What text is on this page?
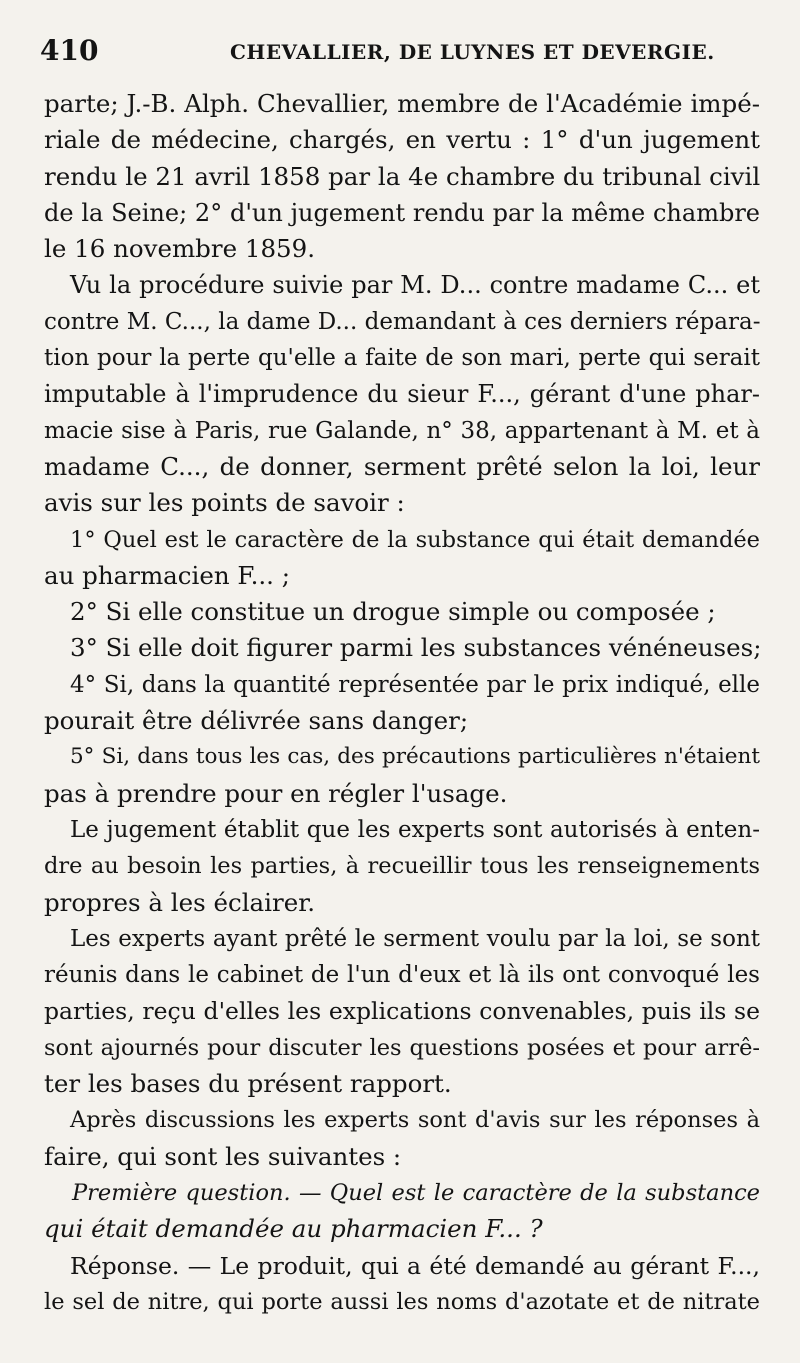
410	CHEVALLIER, DE LUYNES ET DEVERGIE.
parte; J.-B. Alph. Chevallier, membre de l'Académie impé-
riale de médecine, chargés, en vertu : 1° d'un jugement
rendu le 21 avril 1858 par la 4e chambre du tribunal civil
de la Seine; 2° d'un jugement rendu par la même chambre
le 16 novembre 1859.
Vu la procédure suivie par M. D... contre madame C... et
contre M. C..., la dame D... demandant à ces derniers répara-
tion pour la perte qu'elle a faite de son mari, perte qui serait
imputable à l'imprudence du sieur F..., gérant d'une phar-
macie sise à Paris, rue Galande, n° 38, appartenant à M. et à
madame C..., de donner, serment prêté selon la loi, leur
avis sur les points de savoir :
1° Quel est le caractère de la substance qui était demandée
au pharmacien F... ;
2° Si elle constitue un drogue simple ou composée ;
3° Si elle doit figurer parmi les substances vénéneuses;
4° Si, dans la quantité représentée par le prix indiqué, elle
pourait être délivrée sans danger;
5° Si, dans tous les cas, des précautions particulières n'étaient
pas à prendre pour en régler l'usage.
Le jugement établit que les experts sont autorisés à enten-
dre au besoin les parties, à recueillir tous les renseignements
propres à les éclairer.
Les experts ayant prêté le serment voulu par la loi, se sont
réunis dans le cabinet de l'un d'eux et là ils ont convoqué les
parties, reçu d'elles les explications convenables, puis ils se
sont ajournés pour discuter les questions posées et pour arrê-
ter les bases du présent rapport.
Après discussions les experts sont d'avis sur les réponses à
faire, qui sont les suivantes :
Première question. — Quel est le caractère de la substance
qui était demandée au pharmacien F... ?
Réponse. — Le produit, qui a été demandé au gérant F...,
le sel de nitre, qui porte aussi les noms d'azotate et de nitrate
